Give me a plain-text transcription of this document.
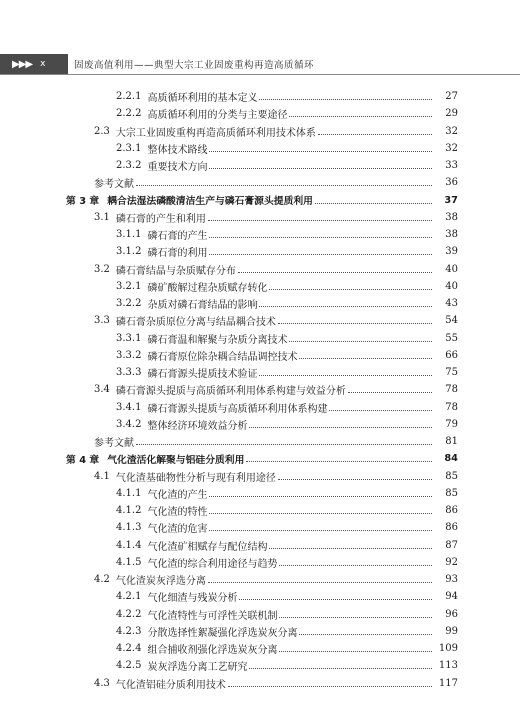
▶▶▶ x	固废高值利用——典型大宗工业固废重构再造高质循环
2.2.1 高质循环利用的基本定义	27
2.2.2 高质循环利用的分类与主要途径	29
2.3 大宗工业固废重构再造高质循环利用技术体系	32
2.3.1 整体技术路线	32
2.3.2 重要技术方向	33
参考文献	36
第 3 章 耦合法湿法磷酸清洁生产与磷石膏源头提质利用	37
3.1 磷石膏的产生和利用	38
3.1.1 磷石膏的产生	38
3.1.2 磷石膏的利用	39
3.2 磷石膏结晶与杂质赋存分布	40
3.2.1 磷矿酸解过程杂质赋存转化	40
3.2.2 杂质对磷石膏结晶的影响	43
3.3 磷石膏杂质原位分离与结晶耦合技术	54
3.3.1 磷石膏温和解聚与杂质分离技术	55
3.3.2 磷石膏原位除杂耦合结晶调控技术	66
3.3.3 磷石膏源头提质技术验证	75
3.4 磷石膏源头提质与高质循环利用体系构建与效益分析	78
3.4.1 磷石膏源头提质与高质循环利用体系构建	78
3.4.2 整体经济环境效益分析	79
参考文献	81
第 4 章 气化渣活化解聚与铝硅分质利用	84
4.1 气化渣基础物性分析与现有利用途径	85
4.1.1 气化渣的产生	85
4.1.2 气化渣的特性	86
4.1.3 气化渣的危害	86
4.1.4 气化渣矿相赋存与配位结构	87
4.1.5 气化渣的综合利用途径与趋势	92
4.2 气化渣炭灰浮选分离	93
4.2.1 气化细渣与残炭分析	94
4.2.2 气化渣特性与可浮性关联机制	96
4.2.3 分散选择性絮凝强化浮选炭灰分离	99
4.2.4 组合捕收剂强化浮选炭灰分离	109
4.2.5 炭灰浮选分离工艺研究	113
4.3 气化渣铝硅分质利用技术	117
